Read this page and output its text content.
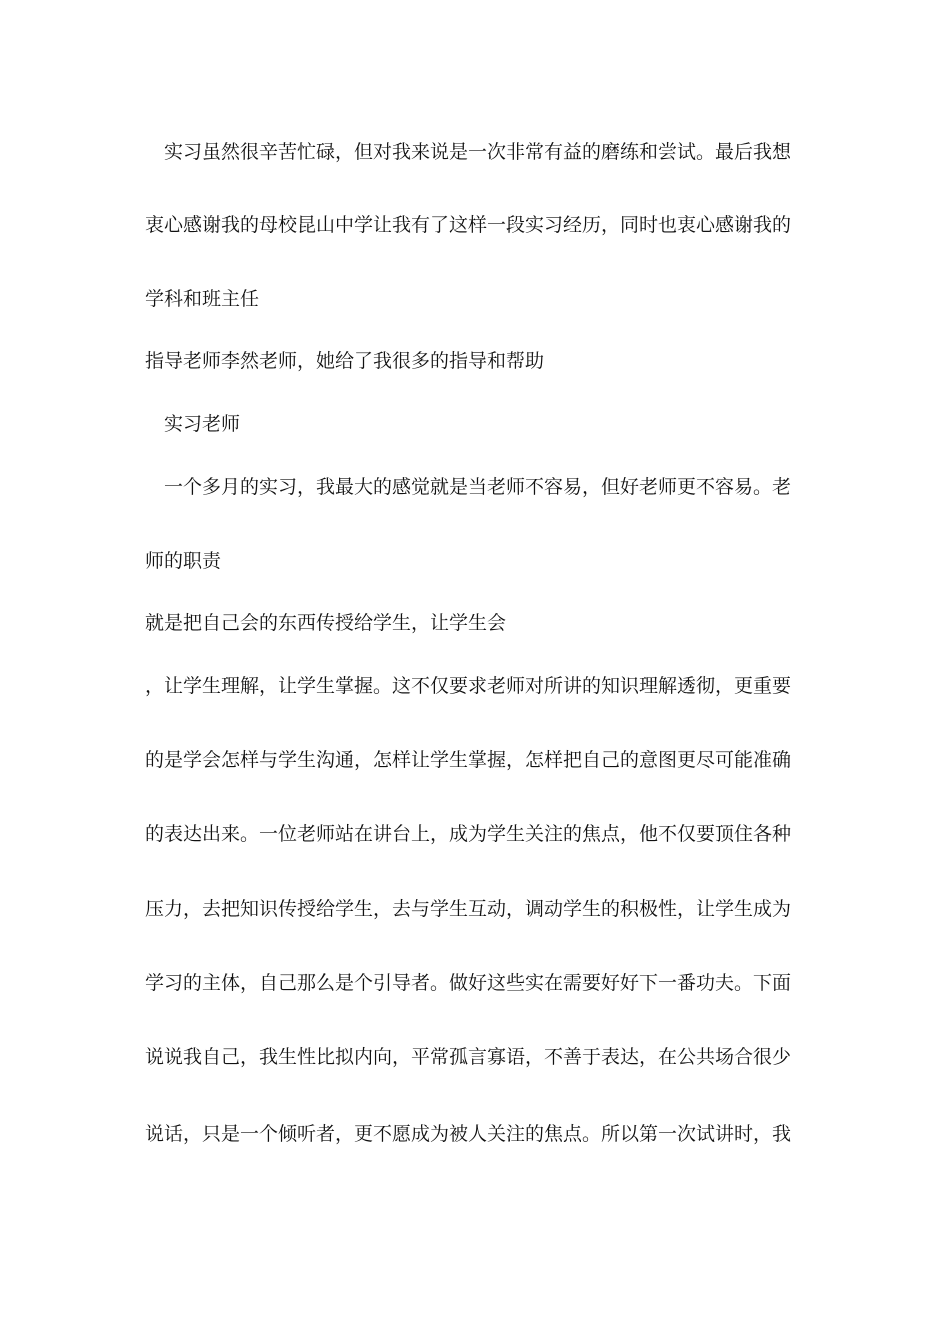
　实习虽然很辛苦忙碌，但对我来说是一次非常有益的磨练和尝试。最后我想
衷心感谢我的母校昆山中学让我有了这样一段实习经历，同时也衷心感谢我的
学科和班主任
指导老师李然老师，她给了我很多的指导和帮助
　实习老师
　一个多月的实习，我最大的感觉就是当老师不容易，但好老师更不容易。老
师的职责
就是把自己会的东西传授给学生，让学生会
，让学生理解，让学生掌握。这不仅要求老师对所讲的知识理解透彻，更重要
的是学会怎样与学生沟通，怎样让学生掌握，怎样把自己的意图更尽可能准确
的表达出来。一位老师站在讲台上，成为学生关注的焦点，他不仅要顶住各种
压力，去把知识传授给学生，去与学生互动，调动学生的积极性，让学生成为
学习的主体，自己那么是个引导者。做好这些实在需要好好下一番功夫。下面
说说我自己，我生性比拟内向，平常孤言寡语，不善于表达，在公共场合很少
说话，只是一个倾听者，更不愿成为被人关注的焦点。所以第一次试讲时，我
